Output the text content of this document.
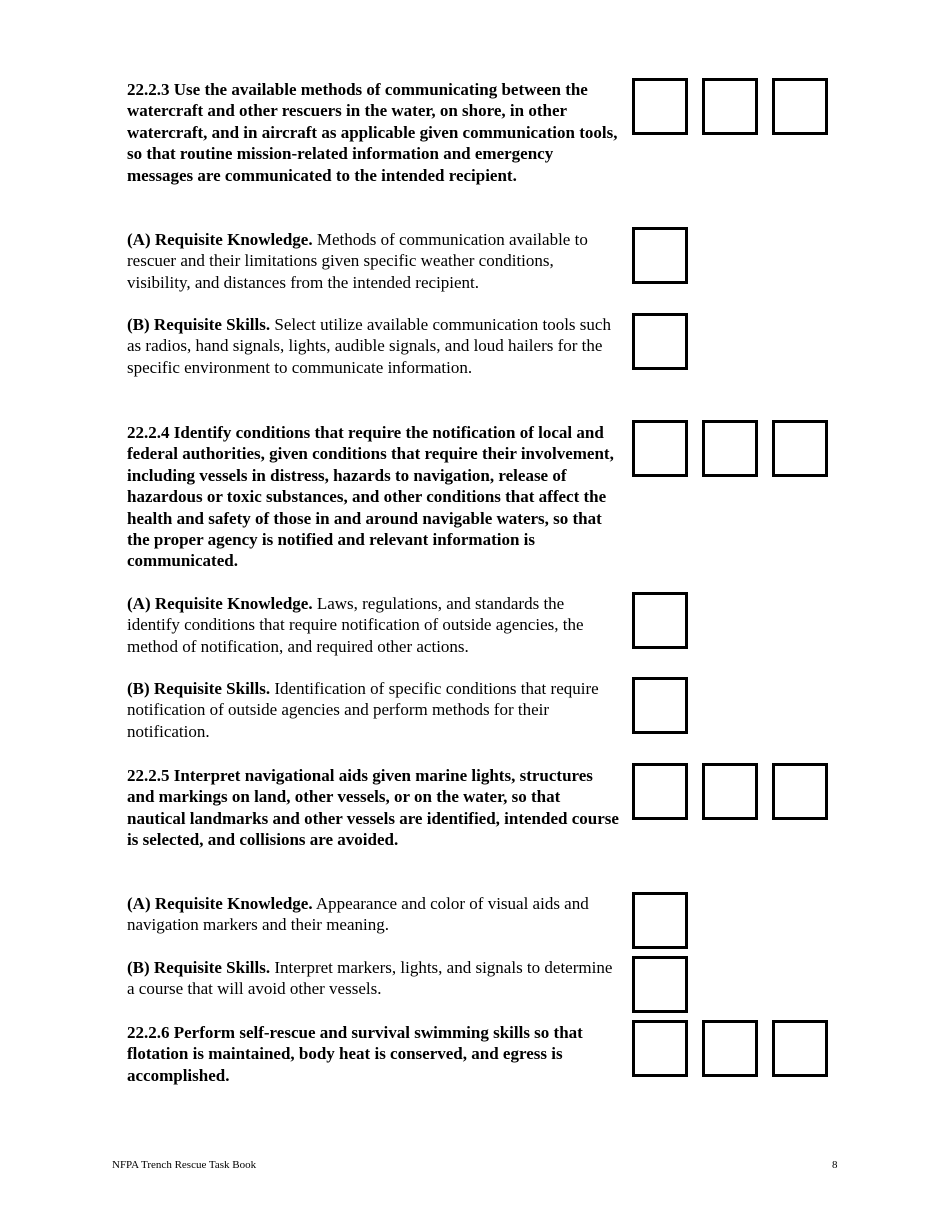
22.2.3 Use the available methods of communicating between the watercraft and other rescuers in the water, on shore, in other watercraft, and in aircraft as applicable given communication tools, so that routine mission-related information and emergency messages are communicated to the intended recipient.
(A) Requisite Knowledge. Methods of communication available to rescuer and their limitations given specific weather conditions, visibility, and distances from the intended recipient.
(B) Requisite Skills. Select utilize available communication tools such as radios, hand signals, lights, audible signals, and loud hailers for the specific environment to communicate information.
22.2.4 Identify conditions that require the notification of local and federal authorities, given conditions that require their involvement, including vessels in distress, hazards to navigation, release of hazardous or toxic substances, and other conditions that affect the health and safety of those in and around navigable waters, so that the proper agency is notified and relevant information is communicated.
(A) Requisite Knowledge. Laws, regulations, and standards the identify conditions that require notification of outside agencies, the method of notification, and required other actions.
(B) Requisite Skills. Identification of specific conditions that require notification of outside agencies and perform methods for their notification.
22.2.5 Interpret navigational aids given marine lights, structures and markings on land, other vessels, or on the water, so that nautical landmarks and other vessels are identified, intended course is selected, and collisions are avoided.
(A) Requisite Knowledge. Appearance and color of visual aids and navigation markers and their meaning.
(B) Requisite Skills. Interpret markers, lights, and signals to determine a course that will avoid other vessels.
22.2.6 Perform self-rescue and survival swimming skills so that flotation is maintained, body heat is conserved, and egress is accomplished.
NFPA Trench Rescue Task Book	8
